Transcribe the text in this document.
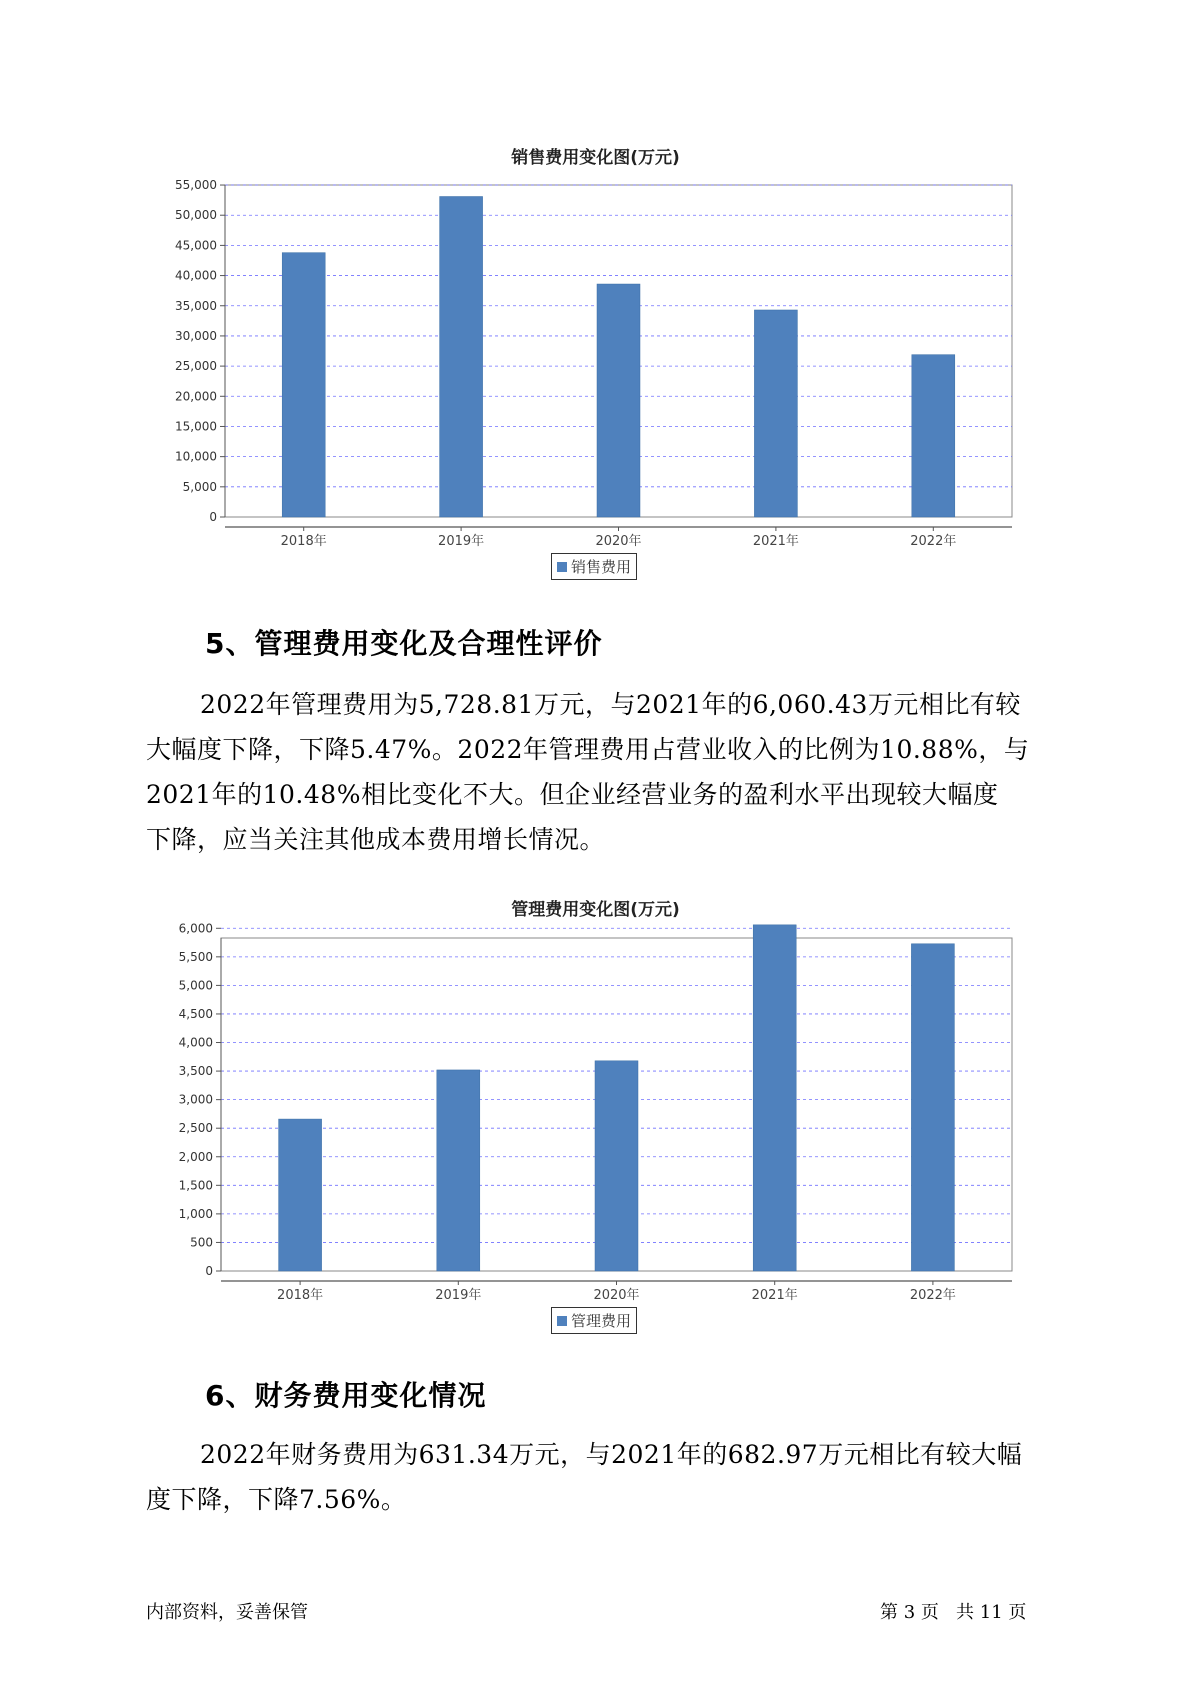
销售费用变化图(万元)
0
5,000
10,000
15,000
20,000
25,000
30,000
35,000
40,000
45,000
50,000
55,000
2018年	2019年	2020年	2021年	2022年
销售费用
5、管理费用变化及合理性评价
2022年管理费用为5,728.81万元，与2021年的6,060.43万元相比有较
大幅度下降，下降5.47%。2022年管理费用占营业收入的比例为10.88%，与
2021年的10.48%相比变化不大。但企业经营业务的盈利水平出现较大幅度
下降，应当关注其他成本费用增长情况。
管理费用变化图(万元)
0
500
1,000
1,500
2,000
2,500
3,000
3,500
4,000
4,500
5,000
5,500
6,000
2018年	2019年	2020年	2021年	2022年
管理费用
6、财务费用变化情况
2022年财务费用为631.34万元，与2021年的682.97万元相比有较大幅
度下降，下降7.56%。
内部资料，妥善保管	第 3 页   共 11 页
